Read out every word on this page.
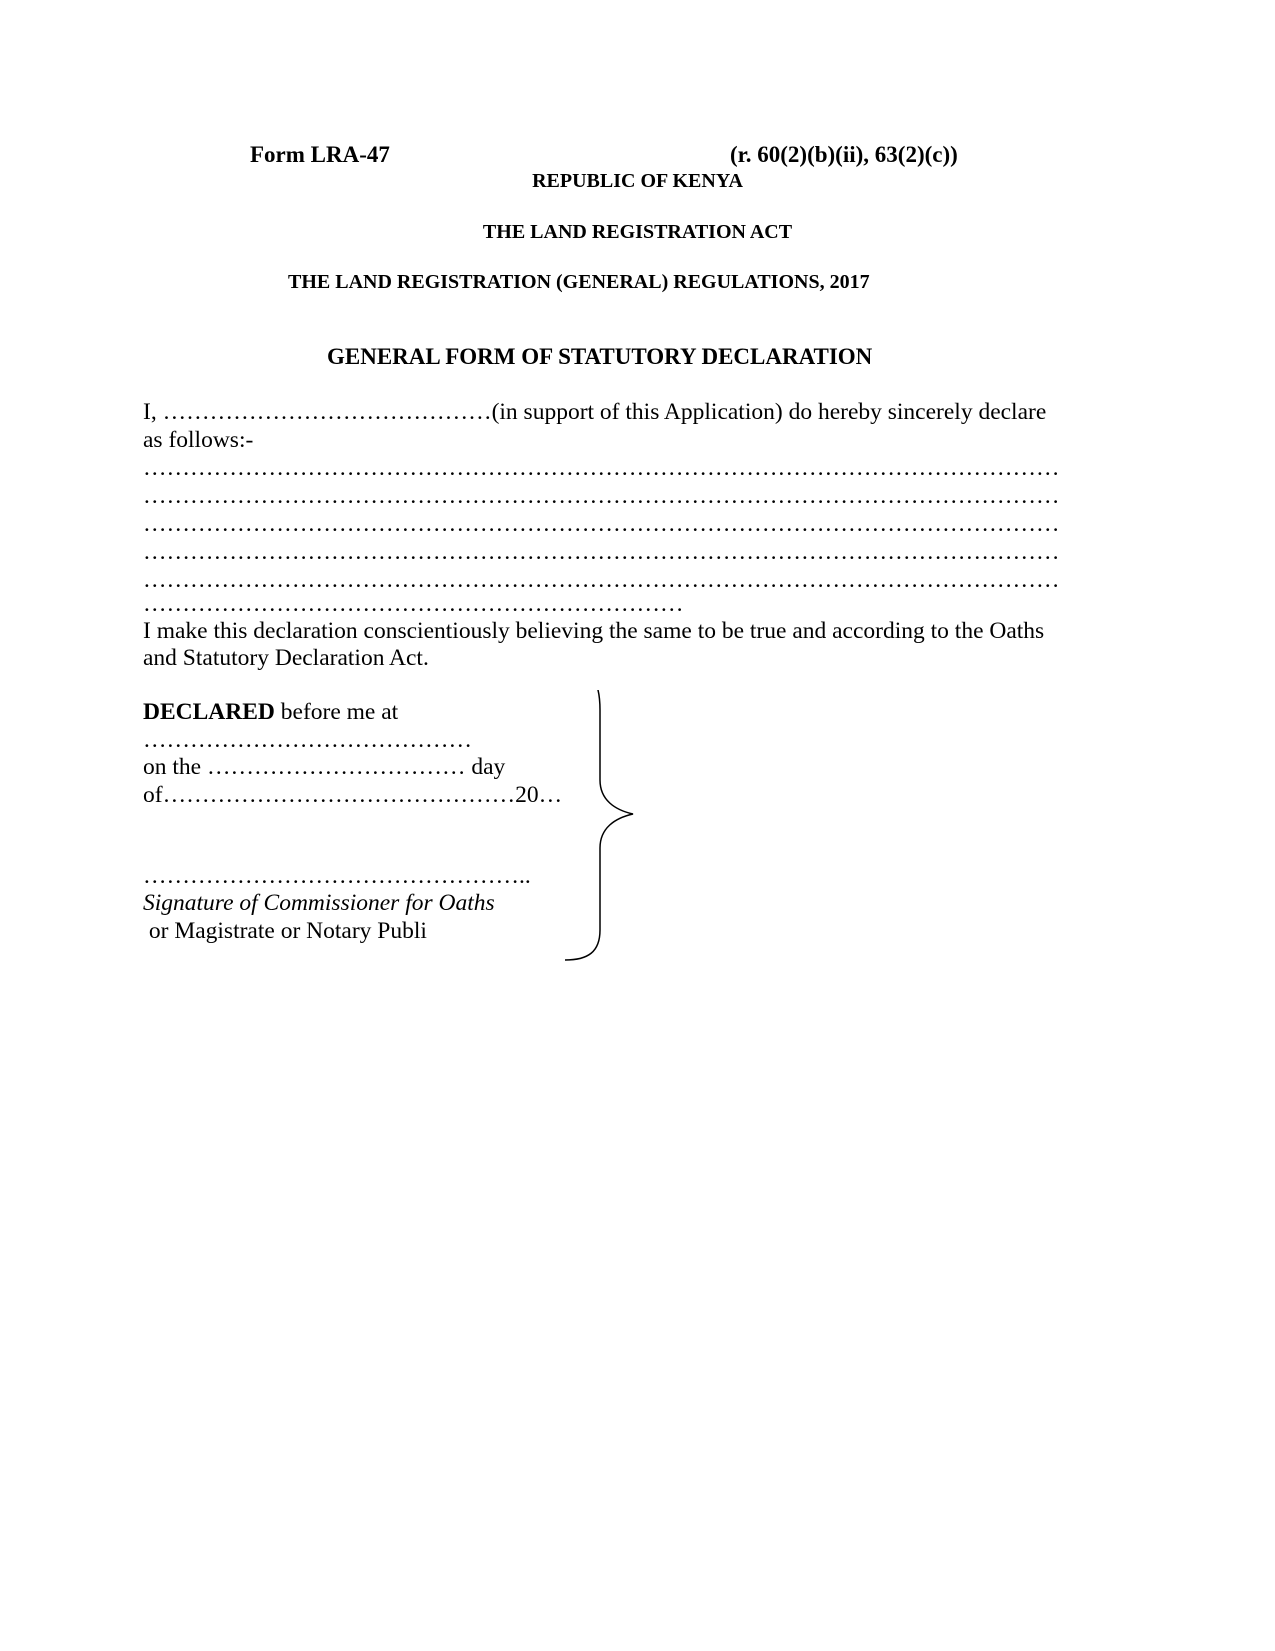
Form LRA-47	(r. 60(2)(b)(ii), 63(2)(c))
REPUBLIC OF KENYA
THE LAND REGISTRATION ACT
THE LAND REGISTRATION (GENERAL) REGULATIONS, 2017
GENERAL FORM OF STATUTORY DECLARATION
I, ……………………………………(in support of this Application) do hereby sincerely declare
as follows:-
………………………………………………………………………………………………………
………………………………………………………………………………………………………
………………………………………………………………………………………………………
………………………………………………………………………………………………………
………………………………………………………………………………………………………
……………………………………………………………
I make this declaration conscientiously believing the same to be true and according to the Oaths
and Statutory Declaration Act.
DECLARED before me at
……………………………………
on the …………………………… day
of………………………………………20…
…………………………………………..
Signature of Commissioner for Oaths
or Magistrate or Notary Publi
